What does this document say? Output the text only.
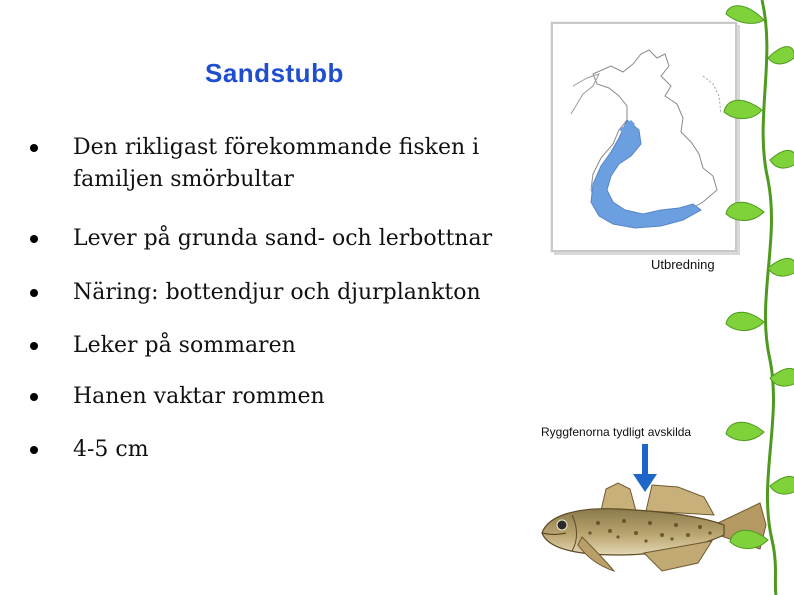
Sandstubb
Den rikligast förekommande fisken i
familjen smörbultar
Lever på grunda sand- och lerbottnar
Näring: bottendjur och djurplankton
Leker på sommaren
Hanen vaktar rommen
4-5 cm
Utbredning
Ryggfenorna tydligt avskilda
